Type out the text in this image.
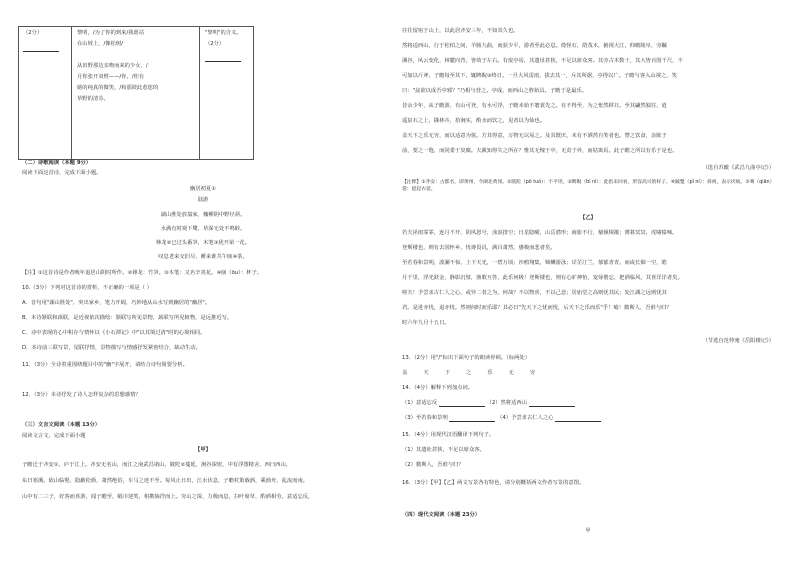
（2分）	黎明，/为了你的到来/我愿站
在山坡上，/像松树/
从田野那边亲吻而来的少女，/
月你张开双臂——/你，/你有
她的纯真的微笑，/和那彼此惹您的
草野的清芬。
"黎明"的含义。
（2分）
（二）诗歌阅读（本题 9分）
阅读下面这首诗，完成下面小题。
幽居初夏①
陆游
湖山胜处放翁家，槐柳阴中野径斜。
水满有时观下鹭，草深无处不鸣蛙。
箨龙②已过头番笋，木笔③犹开第一花。
叹息老来交旧尽，睡来谁共午瓯④茶。
【注】①这首诗是作者晚年退居山阴时所作。②箨龙：竹笋。③木笔：又名辛夷花。④瓯（ōu）：杯子。
10.（3分）下列对这首诗的赏析，不正确的一项是（ ）
A．首句用"湖山胜处"，突出家乡，笔力开阔，巧妙地从山水写到幽居的"幽居"。
B．本诗颔联和颈联，是近视依次描绘：颔联写所见景物，颈联写所见植物，是远推近写。
C．诗中表现的心中积存与情怀以《小石潭记》中"以其境过清"时的心境相同。
D．本诗前三联写景，尾联抒情，景物描写与情感抒发紧密结合，缺动生动。
11．（3分）全诗着重围绕题目中的"幽"字展开，请结合诗句简要分析。
12．（3分）本诗抒发了诗人怎样复杂的思想感情？
（三）文言文阅读（本题 13分）
阅读文言文，完成下面小题
【甲】
子瞻迁于齐安①，庐于江上。齐安无名山，而江之南武昌诸山，陂陀②蔓延，涧谷深密，中有浮图精舍，西曰西山，
东曰寒溪。依山临壑，隐蔽松枥，萧然绝俗，车马之迹不至。每风止日出，江水伏息，子瞻杖策载酒，乘渔舟，乱流而南。
山中有二三子，好客而喜游，闻子瞻至，幅巾迎笑，相携徜徉而上。穷山之深，力极而息，扫叶席草，酌酒相劳。意适忘反，
往往留宿于山上，以此居齐安三年，不知其久也。
然将适西山，行于松柏之间，羊肠九曲，而获少平，游者至此必息。倚怪石，荫茂木，俯视大江，仰瞻陵阜，旁瞩
溪谷，风云变化，林麓向背，皆效于左右。有废亭焉，其遗址甚狭，不足以席众客。其旁古木数十，其大皆百围千尺，不
可加以斤斧。子瞻每至其下，辄睥睨③终日。一旦大风雷雨，拔去其一，斥其所据，亭得以广。子瞻与客入山视之，笑
曰："兹欲以成吾亭邪？"乃相与营之。亭成，而西山之胜始具。子瞻于是最乐。
昔余少年，从子瞻游，有山可登，有水可浮，子瞻未始不褰裳先之。有不得至，为之怅然移日。至其翩然独往，逍
遥泉石之上，撷林卉，拾涧实，酌水而饮之，见者以为仙也。
盖天下之乐无穷，而以适意为悦。方其得意，万物无以易之。及其既厌，未有不洒然自笑者也。譬之饮食，杂陈于
前，要之一饱，而同委于臭腐。夫孰知得失之所在？惟其无愧于中，无责于外，而姑寓焉。此子瞻之所以有乐于是也。
（选自苏辙《武昌九曲亭记》）
【注释】①齐安：古郡名，即黄州，今湖北黄冈。②陂陀（pō tuó）：不平坦。③睥睨（bì nì）：此指来回看，形容高兴的样子。④跛蹩（pǐ ní）：斜视，表示厌烦。⑤骞（qiān）裳：提起衣裳。
【乙】
若夫淫雨霏霏，连月不开，阴风怒号，浊浪排空；日星隐曜，山岳潜形；商旅不行，樯倾楫摧；薄暮冥冥，虎啸猿啼。
登斯楼也，则有去国怀乡，忧谗畏讥，满目萧然，感极而悲者矣。
至若春和景明，波澜不惊，上下天光，一碧万顷；沙鸥翔集，锦鳞游泳；岸芷汀兰，郁郁青青。而或长烟一空，皓
月千里，浮光跃金，静影沉璧，渔歌互答，此乐何极！登斯楼也，则有心旷神怡，宠辱偕忘，把酒临风，其喜洋洋者矣。
嗟夫！予尝求古仁人之心，或异二者之为，何哉？不以物喜，不以己悲；居庙堂之高则忧其民；处江湖之远则忧其
君。是进亦忧，退亦忧。然则何时而乐耶？其必曰"先天下之忧而忧，后天下之乐而乐"乎！噫！微斯人，吾谁与归？
时六年九月十五日。
（节选自范仲淹《岳阳楼记》）
13．（2分）用"/"标出下面句子的朗读停顿。（标两处）
盖	天	下	之	乐	无	穷
14．（4分）解释下列加点词。
（1）意适忘反	（2）然将适西山
（3）至若春和景明	（4）予尝求古仁人之心
15．（4分）用现代汉语翻译下列句子。
（1）其遗址甚狭，不足以席众客。
（2）微斯人，吾谁与归？
16．（3分）【甲】【乙】两文写景各有特色，请分别概括两文作者写景的意图。
（四）现代文阅读（本题 23分）
甲
